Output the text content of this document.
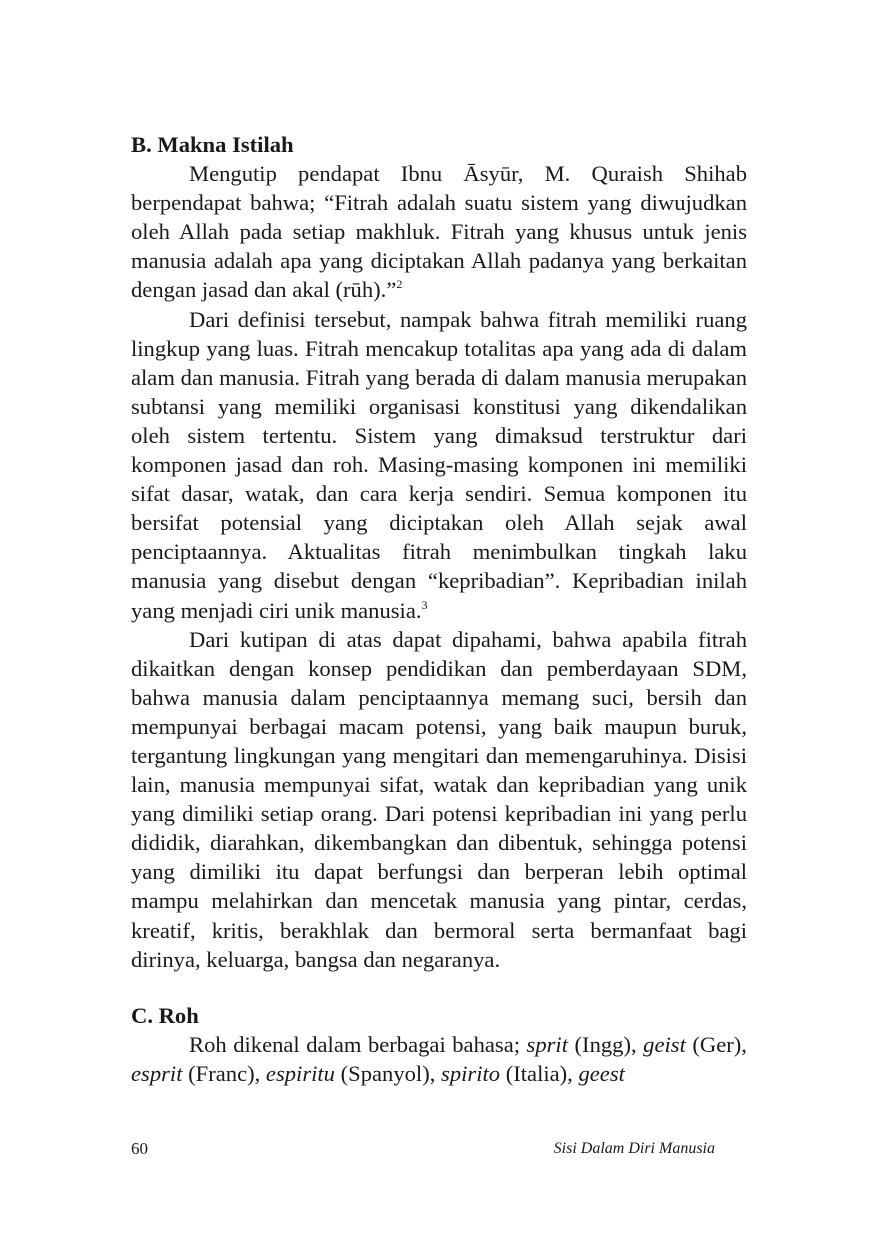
B. Makna Istilah

Mengutip pendapat Ibnu Āsyūr, M. Quraish Shihab berpendapat bahwa; “Fitrah adalah suatu sistem yang diwujudkan oleh Allah pada setiap makhluk. Fitrah yang khusus untuk jenis manusia adalah apa yang diciptakan Allah padanya yang berkaitan dengan jasad dan akal (rūh).”$^2$

Dari definisi tersebut, nampak bahwa fitrah memiliki ruang lingkup yang luas. Fitrah mencakup totalitas apa yang ada di dalam alam dan manusia. Fitrah yang berada di dalam manusia merupakan subtansi yang memiliki organisasi konstitusi yang dikendalikan oleh sistem tertentu. Sistem yang dimaksud terstruktur dari komponen jasad dan roh. Masing-masing komponen ini memiliki sifat dasar, watak, dan cara kerja sendiri. Semua komponen itu bersifat potensial yang diciptakan oleh Allah sejak awal penciptaannya. Aktualitas fitrah menimbulkan tingkah laku manusia yang disebut dengan “kepribadian”. Kepribadian inilah yang menjadi ciri unik manusia.$^3$

Dari kutipan di atas dapat dipahami, bahwa apabila fitrah dikaitkan dengan konsep pendidikan dan pemberdayaan SDM, bahwa manusia dalam penciptaannya memang suci, bersih dan mempunyai berbagai macam potensi, yang baik maupun buruk, tergantung lingkungan yang mengitari dan memengaruhinya. Disisi lain, manusia mempunyai sifat, watak dan kepribadian yang unik yang dimiliki setiap orang. Dari potensi kepribadian ini yang perlu dididik, diarahkan, dikembangkan dan dibentuk, sehingga potensi yang dimiliki itu dapat berfungsi dan berperan lebih optimal mampu melahirkan dan mencetak manusia yang pintar, cerdas, kreatif, kritis, berakhlak dan bermoral serta bermanfaat bagi dirinya, keluarga, bangsa dan negaranya.

C. Roh

Roh dikenal dalam berbagai bahasa; sprit (Ingg), geist (Ger), esprit (Franc), espiritu (Spanyol), spirito (Italia), geest

60	Sisi Dalam Diri Manusia
